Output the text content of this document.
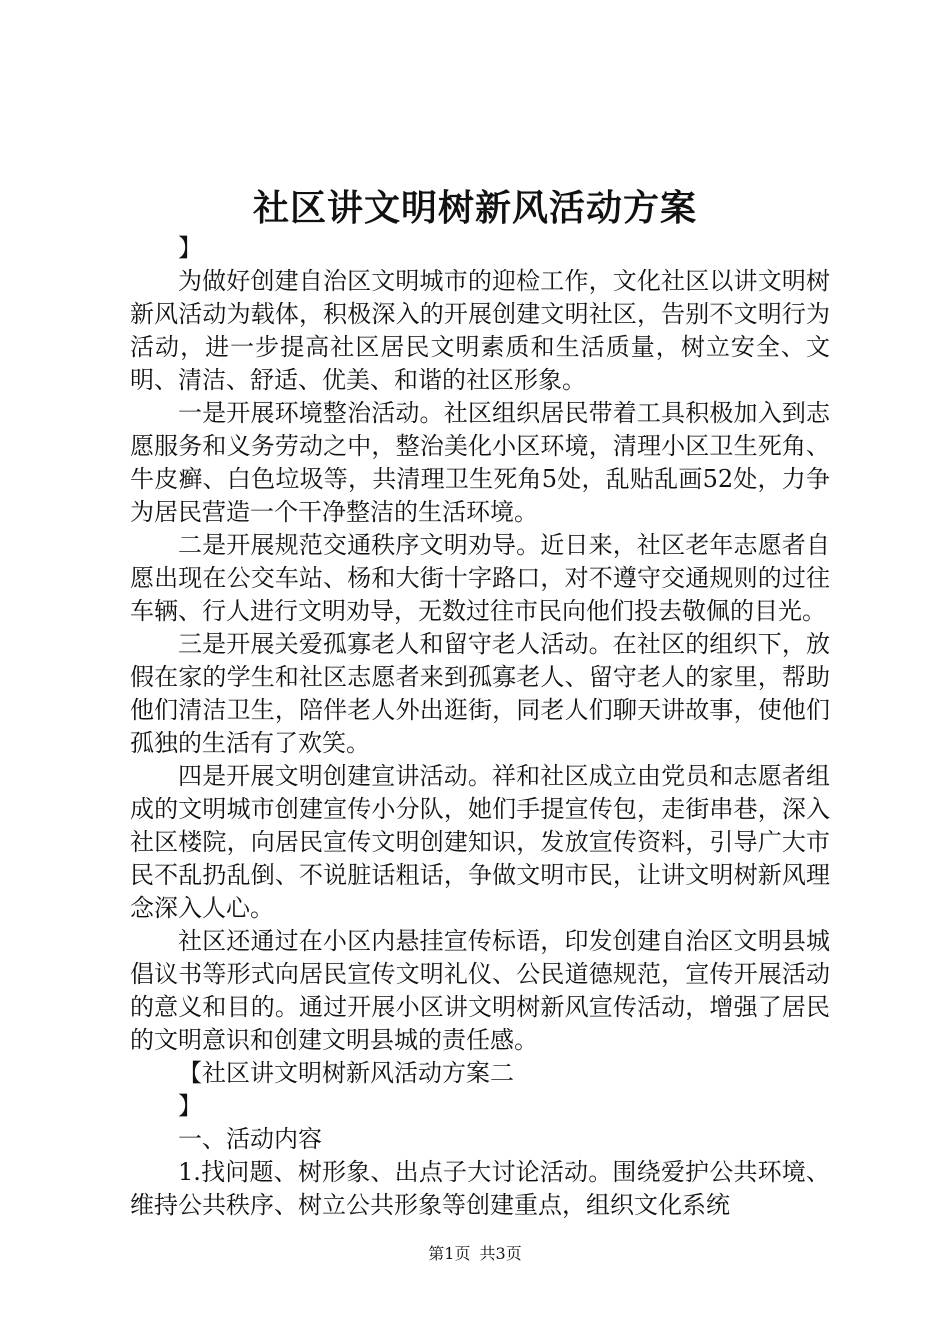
社区讲文明树新风活动方案

】

为做好创建自治区文明城市的迎检工作，文化社区以讲文明树新风活动为载体，积极深入的开展创建文明社区，告别不文明行为活动，进一步提高社区居民文明素质和生活质量，树立安全、文明、清洁、舒适、优美、和谐的社区形象。

一是开展环境整治活动。社区组织居民带着工具积极加入到志愿服务和义务劳动之中，整治美化小区环境，清理小区卫生死角、牛皮癣、白色垃圾等，共清理卫生死角5处，乱贴乱画52处，力争为居民营造一个干净整洁的生活环境。

二是开展规范交通秩序文明劝导。近日来，社区老年志愿者自愿出现在公交车站、杨和大街十字路口，对不遵守交通规则的过往车辆、行人进行文明劝导，无数过往市民向他们投去敬佩的目光。

三是开展关爱孤寡老人和留守老人活动。在社区的组织下，放假在家的学生和社区志愿者来到孤寡老人、留守老人的家里，帮助他们清洁卫生，陪伴老人外出逛街，同老人们聊天讲故事，使他们孤独的生活有了欢笑。

四是开展文明创建宣讲活动。祥和社区成立由党员和志愿者组成的文明城市创建宣传小分队，她们手提宣传包，走街串巷，深入社区楼院，向居民宣传文明创建知识，发放宣传资料，引导广大市民不乱扔乱倒、不说脏话粗话，争做文明市民，让讲文明树新风理念深入人心。

社区还通过在小区内悬挂宣传标语，印发创建自治区文明县城倡议书等形式向居民宣传文明礼仪、公民道德规范，宣传开展活动的意义和目的。通过开展小区讲文明树新风宣传活动，增强了居民的文明意识和创建文明县城的责任感。

【社区讲文明树新风活动方案二

】

一、活动内容

1.找问题、树形象、出点子大讨论活动。围绕爱护公共环境、维持公共秩序、树立公共形象等创建重点，组织文化系统

第1页 共3页
